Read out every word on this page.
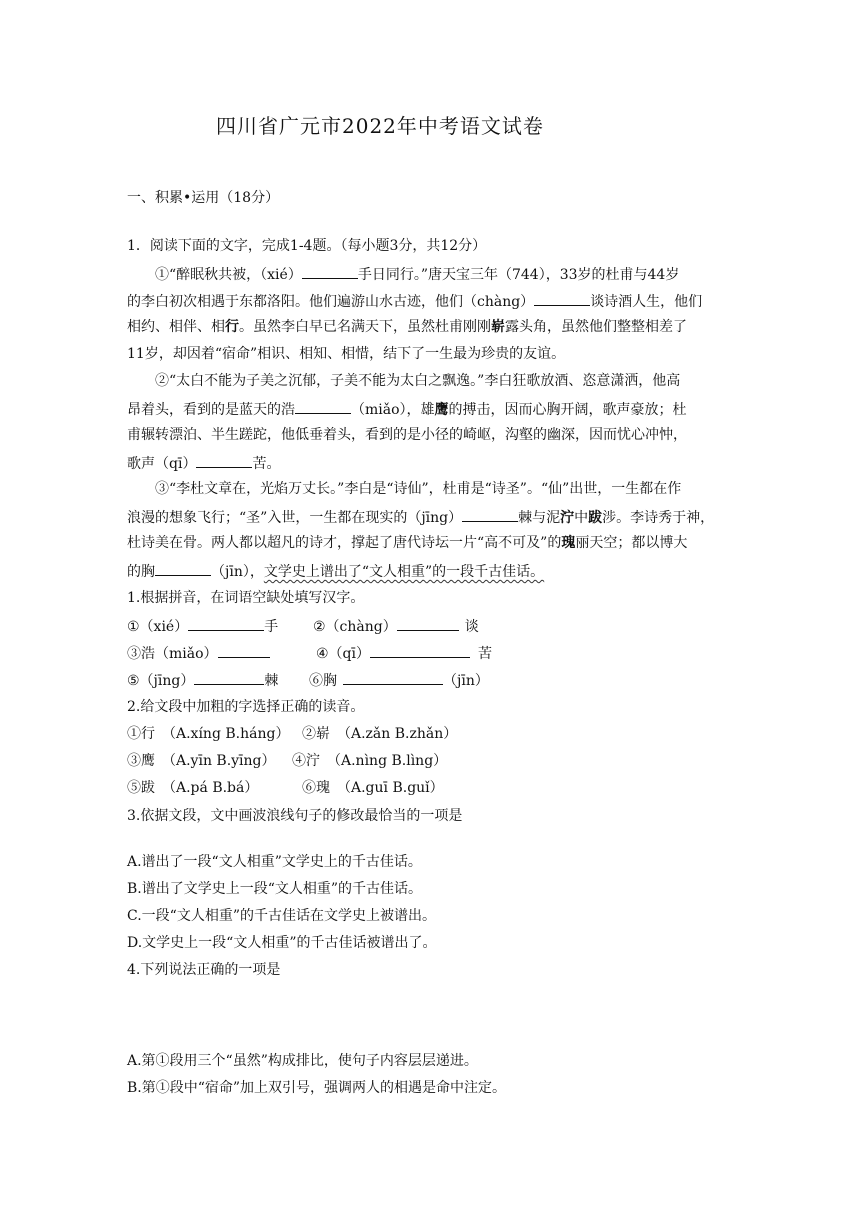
四川省广元市2022年中考语文试卷
一、积累•运用（18分）
1．阅读下面的文字，完成1-4题。（每小题3分，共12分）
①“醉眠秋共被，（xié）	手日同行。”唐天宝三年（744），33岁的杜甫与44岁
的李白初次相遇于东都洛阳。他们遍游山水古迹，他们（chàng）	谈诗酒人生，他们
相约、相伴、相行。虽然李白早已名满天下，虽然杜甫刚刚崭露头角，虽然他们整整相差了
11岁，却因着“宿命”相识、相知、相惜，结下了一生最为珍贵的友谊。
②“太白不能为子美之沉郁，子美不能为太白之飘逸。”李白狂歌放酒、恣意潇洒，他高
昂着头，看到的是蓝天的浩	（miǎo），雄鹰的搏击，因而心胸开阔，歌声豪放；杜
甫辗转漂泊、半生蹉跎，他低垂着头，看到的是小径的崎岖，沟壑的幽深，因而忧心冲忡，
歌声（qī）	苦。
③“李杜文章在，光焰万丈长。”李白是“诗仙”，杜甫是“诗圣”。“仙”出世，一生都在作
浪漫的想象飞行；“圣”入世，一生都在现实的（jīng）	棘与泥泞中跋涉。李诗秀于神，
杜诗美在骨。两人都以超凡的诗才，撑起了唐代诗坛一片“高不可及”的瑰丽天空；都以博大
的胸	（jīn），文学史上谱出了“文人相重”的一段千古佳话。
1.根据拼音，在词语空缺处填写汉字。
①（xié）	手 ②（chàng）	谈
③浩（miǎo）	④（qī）	苦
⑤（jīng）	棘 ⑥胸	（jīn）
2.给文段中加粗的字选择正确的读音。
①行　（A.xíng B.háng） ②崭　（A.zǎn B.zhǎn）
③鹰　（A.yīn B.yīng） ④泞　（A.nìng B.lìng）
⑤跋　（A.pá B.bá）	⑥瑰　（A.guī B.guǐ）
3.依据文段，文中画波浪线句子的修改最恰当的一项是
A.谱出了一段“文人相重”文学史上的千古佳话。
B.谱出了文学史上一段“文人相重”的千古佳话。
C.一段“文人相重”的千古佳话在文学史上被谱出。
D.文学史上一段“文人相重”的千古佳话被谱出了。
4.下列说法正确的一项是
A.第①段用三个“虽然”构成排比，使句子内容层层递进。
B.第①段中“宿命”加上双引号，强调两人的相遇是命中注定。
